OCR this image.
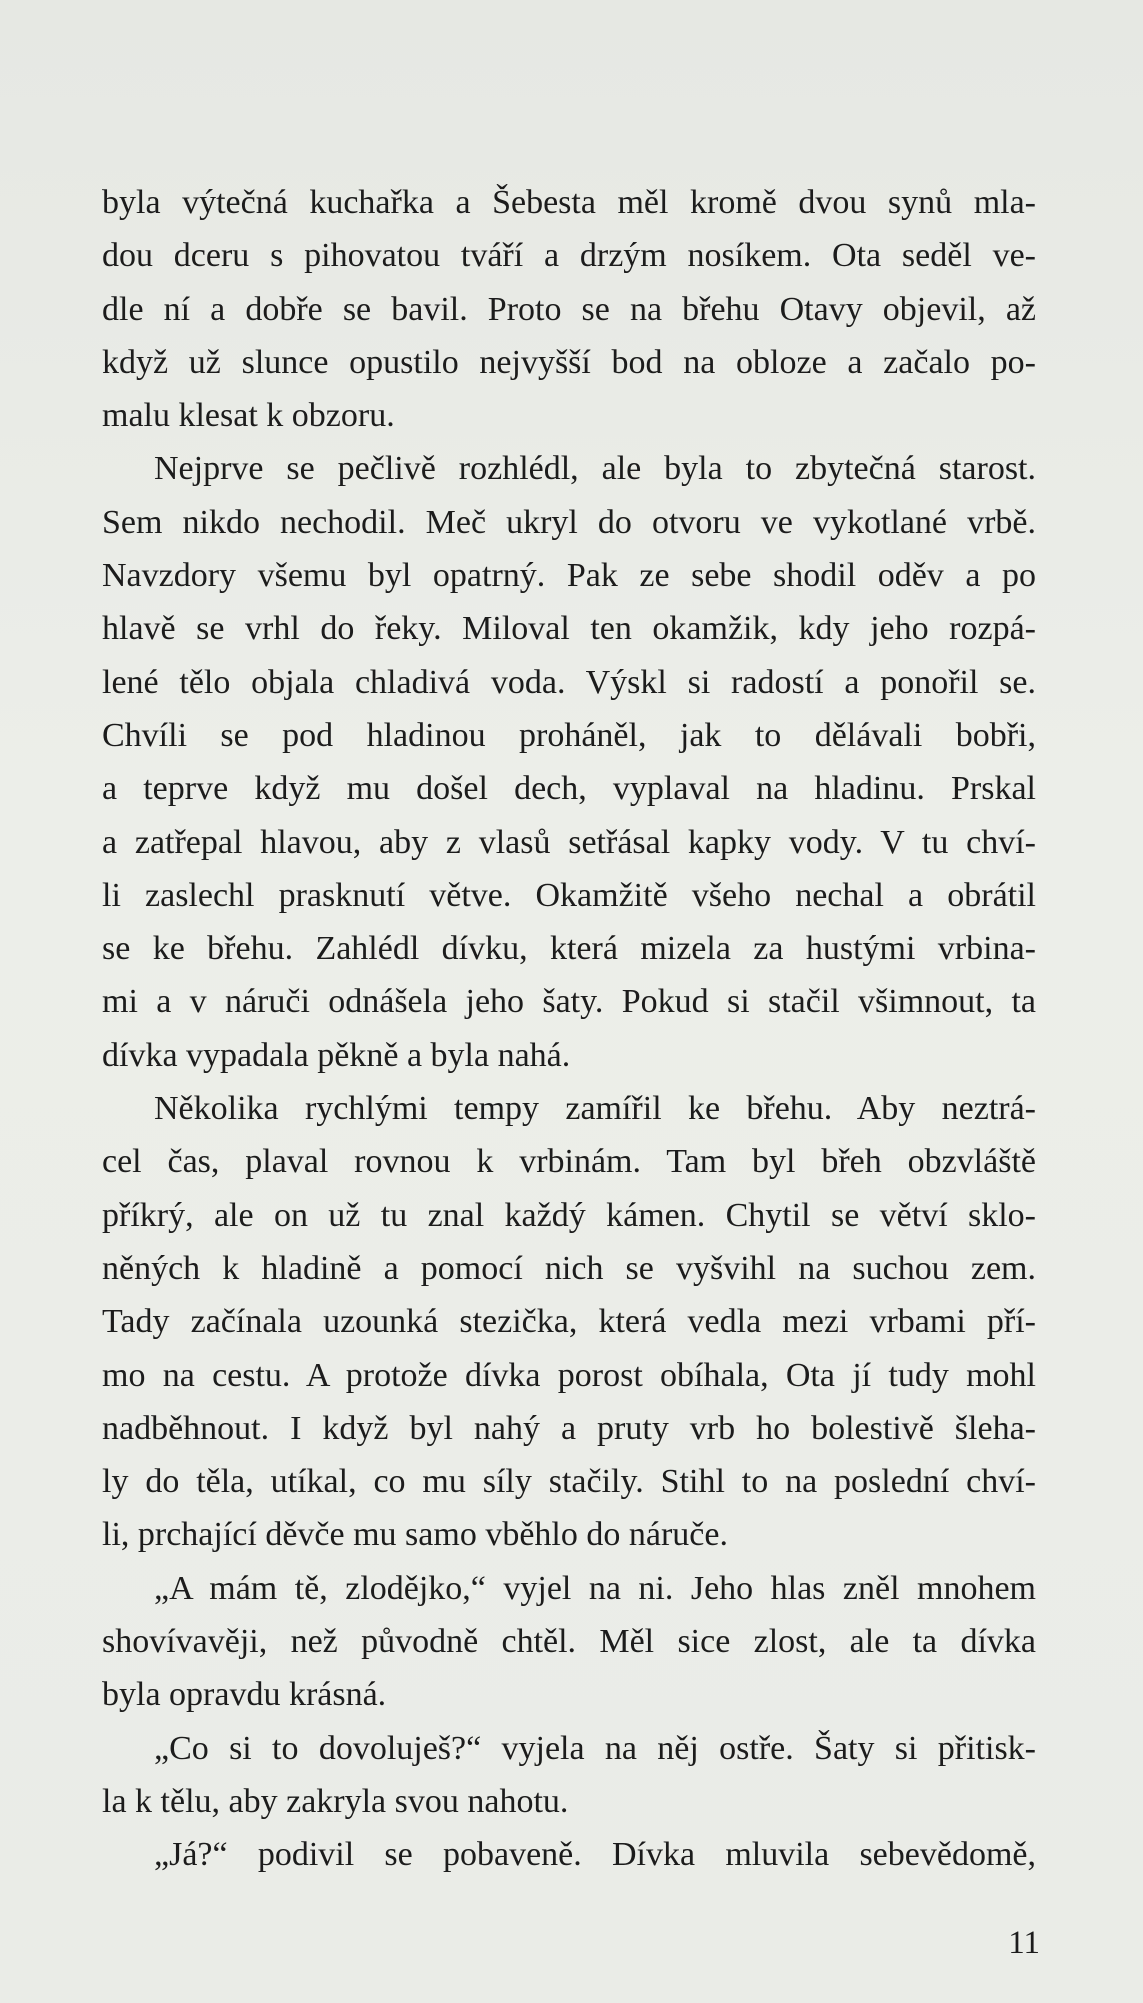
byla výtečná kuchařka a Šebesta měl kromě dvou synů mla-
dou dceru s pihovatou tváří a drzým nosíkem. Ota seděl ve-
dle ní a dobře se bavil. Proto se na břehu Otavy objevil, až
když už slunce opustilo nejvyšší bod na obloze a začalo po-
malu klesat k obzoru.
Nejprve se pečlivě rozhlédl, ale byla to zbytečná starost.
Sem nikdo nechodil. Meč ukryl do otvoru ve vykotlané vrbě.
Navzdory všemu byl opatrný. Pak ze sebe shodil oděv a po
hlavě se vrhl do řeky. Miloval ten okamžik, kdy jeho rozpá-
lené tělo objala chladivá voda. Výskl si radostí a ponořil se.
Chvíli se pod hladinou proháněl, jak to dělávali bobři,
a teprve když mu došel dech, vyplaval na hladinu. Prskal
a zatřepal hlavou, aby z vlasů setřásal kapky vody. V tu chví-
li zaslechl prasknutí větve. Okamžitě všeho nechal a obrátil
se ke břehu. Zahlédl dívku, která mizela za hustými vrbina-
mi a v náruči odnášela jeho šaty. Pokud si stačil všimnout, ta
dívka vypadala pěkně a byla nahá.
Několika rychlými tempy zamířil ke břehu. Aby neztrá-
cel čas, plaval rovnou k vrbinám. Tam byl břeh obzvláště
příkrý, ale on už tu znal každý kámen. Chytil se větví sklo-
něných k hladině a pomocí nich se vyšvihl na suchou zem.
Tady začínala uzounká stezička, která vedla mezi vrbami pří-
mo na cestu. A protože dívka porost obíhala, Ota jí tudy mohl
nadběhnout. I když byl nahý a pruty vrb ho bolestivě šleha-
ly do těla, utíkal, co mu síly stačily. Stihl to na poslední chví-
li, prchající děvče mu samo vběhlo do náruče.
„A mám tě, zlodějko,“ vyjel na ni. Jeho hlas zněl mnohem
shovívavěji, než původně chtěl. Měl sice zlost, ale ta dívka
byla opravdu krásná.
„Co si to dovoluješ?“ vyjela na něj ostře. Šaty si přitisk-
la k tělu, aby zakryla svou nahotu.
„Já?“ podivil se pobaveně. Dívka mluvila sebevědomě,
11
